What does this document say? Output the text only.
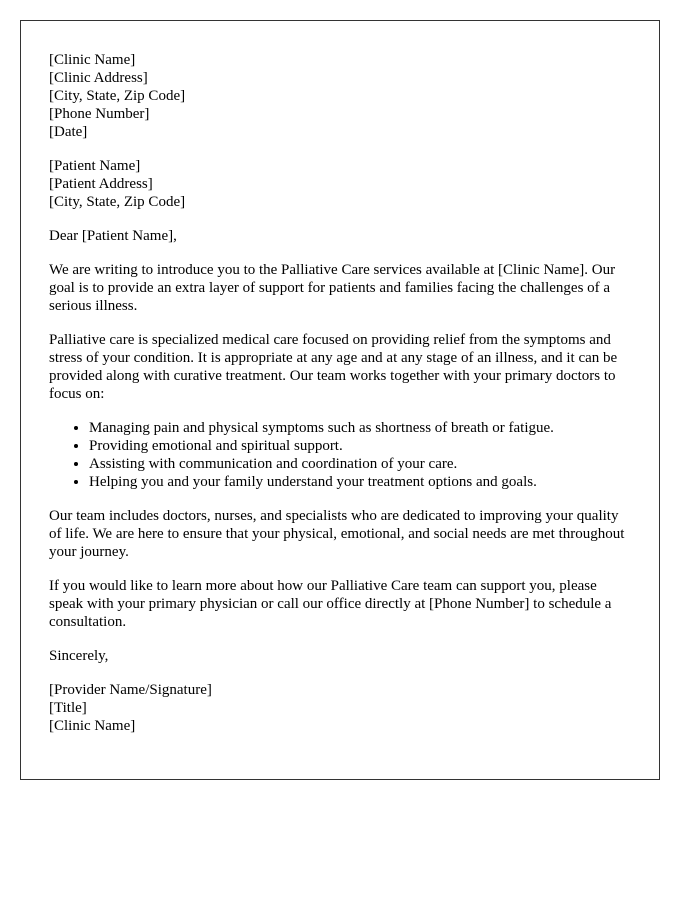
[Clinic Name]
[Clinic Address]
[City, State, Zip Code]
[Phone Number]
[Date]
[Patient Name]
[Patient Address]
[City, State, Zip Code]

Dear [Patient Name],

We are writing to introduce you to the Palliative Care services available at [Clinic Name]. Our goal is to provide an extra layer of support for patients and families facing the challenges of a serious illness.

Palliative care is specialized medical care focused on providing relief from the symptoms and stress of your condition. It is appropriate at any age and at any stage of an illness, and it can be provided along with curative treatment. Our team works together with your primary doctors to focus on:

• Managing pain and physical symptoms such as shortness of breath or fatigue.
• Providing emotional and spiritual support.
• Assisting with communication and coordination of your care.
• Helping you and your family understand your treatment options and goals.

Our team includes doctors, nurses, and specialists who are dedicated to improving your quality of life. We are here to ensure that your physical, emotional, and social needs are met throughout your journey.

If you would like to learn more about how our Palliative Care team can support you, please speak with your primary physician or call our office directly at [Phone Number] to schedule a consultation.

Sincerely,

[Provider Name/Signature]
[Title]
[Clinic Name]
